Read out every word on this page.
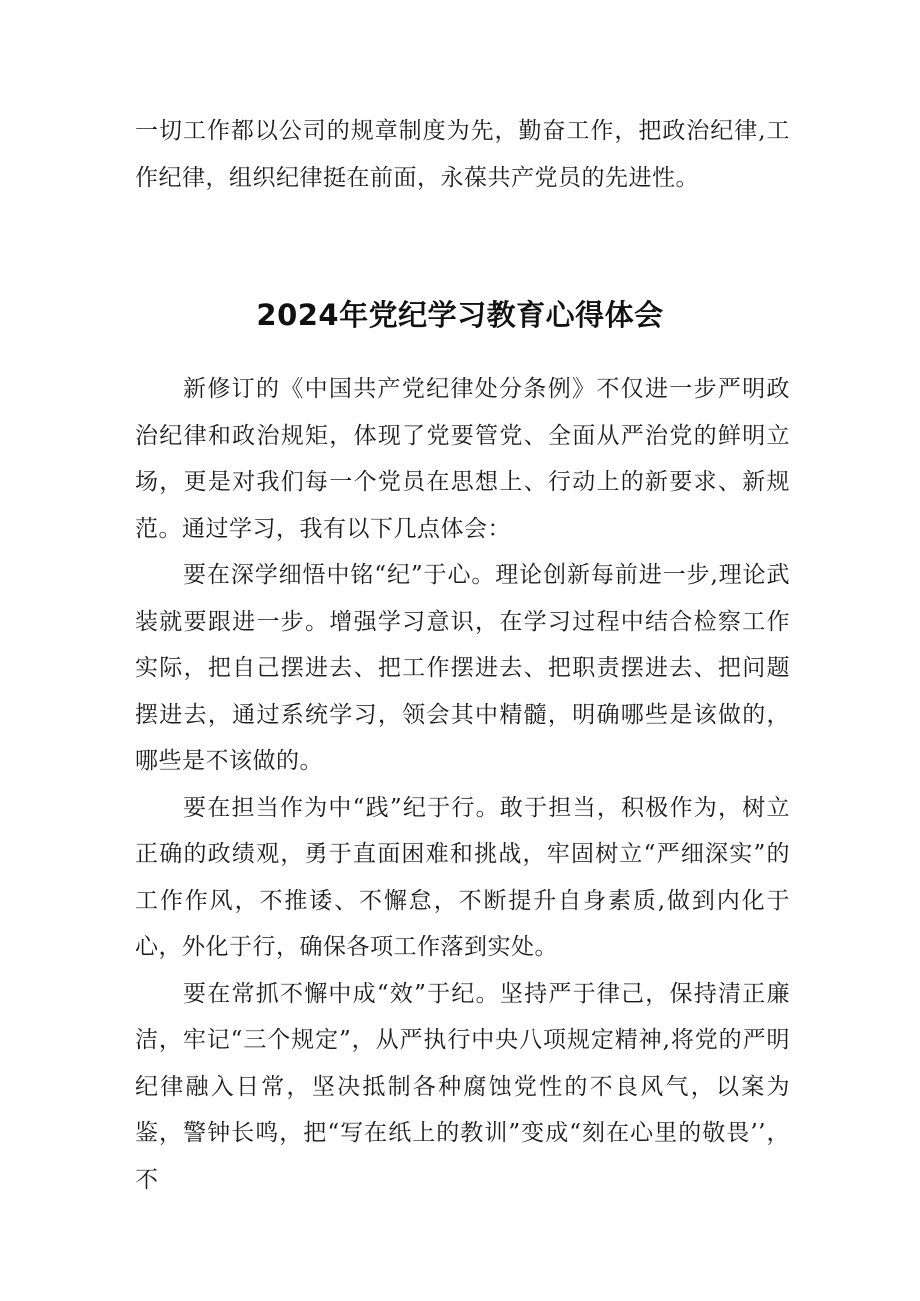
一切工作都以公司的规章制度为先，勤奋工作，把政治纪律,工作纪律，组织纪律挺在前面，永葆共产党员的先进性。

2024年党纪学习教育心得体会

新修订的《中国共产党纪律处分条例》不仅进一步严明政治纪律和政治规矩，体现了党要管党、全面从严治党的鲜明立场，更是对我们每一个党员在思想上、行动上的新要求、新规范。通过学习，我有以下几点体会：

要在深学细悟中铭“纪”于心。理论创新每前进一步,理论武装就要跟进一步。增强学习意识，在学习过程中结合检察工作实际，把自己摆进去、把工作摆进去、把职责摆进去、把问题摆进去，通过系统学习，领会其中精髓，明确哪些是该做的，哪些是不该做的。

要在担当作为中“践”纪于行。敢于担当，积极作为，树立正确的政绩观，勇于直面困难和挑战，牢固树立“严细深实”的工作作风，不推诿、不懈怠，不断提升自身素质,做到内化于心，外化于行，确保各项工作落到实处。

要在常抓不懈中成“效”于纪。坚持严于律己，保持清正廉洁，牢记“三个规定”，从严执行中央八项规定精神,将党的严明纪律融入日常，坚决抵制各种腐蚀党性的不良风气，以案为鉴，警钟长鸣，把“写在纸上的教训”变成“刻在心里的敬畏’’，不
